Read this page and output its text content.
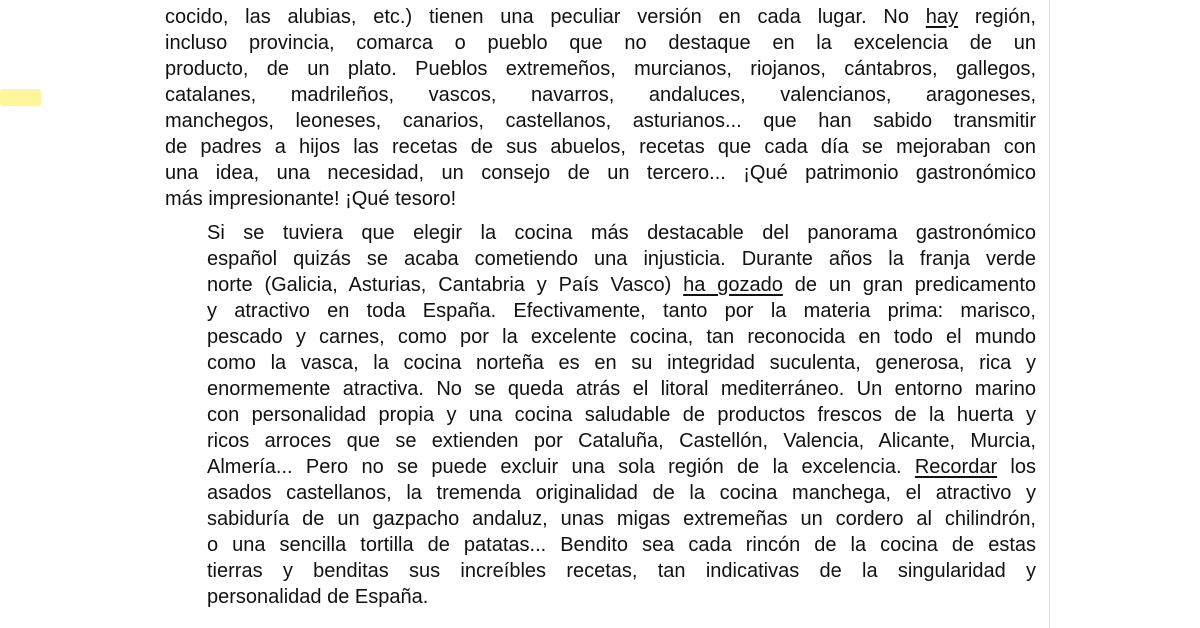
cocido, las alubias, etc.) tienen una peculiar versión en cada lugar. No hay región,
incluso provincia, comarca o pueblo que no destaque en la excelencia de un
producto, de un plato. Pueblos extremeños, murcianos, riojanos, cántabros, gallegos,
catalanes, madrileños, vascos, navarros, andaluces, valencianos, aragoneses,
manchegos, leoneses, canarios, castellanos, asturianos... que han sabido transmitir
de padres a hijos las recetas de sus abuelos, recetas que cada día se mejoraban con
una idea, una necesidad, un consejo de un tercero... ¡Qué patrimonio gastronómico
más impresionante! ¡Qué tesoro!

Si se tuviera que elegir la cocina más destacable del panorama gastronómico
español quizás se acaba cometiendo una injusticia. Durante años la franja verde
norte (Galicia, Asturias, Cantabria y País Vasco) ha gozado de un gran predicamento
y atractivo en toda España. Efectivamente, tanto por la materia prima: marisco,
pescado y carnes, como por la excelente cocina, tan reconocida en todo el mundo
como la vasca, la cocina norteña es en su integridad suculenta, generosa, rica y
enormemente atractiva. No se queda atrás el litoral mediterráneo. Un entorno marino
con personalidad propia y una cocina saludable de productos frescos de la huerta y
ricos arroces que se extienden por Cataluña, Castellón, Valencia, Alicante, Murcia,
Almería... Pero no se puede excluir una sola región de la excelencia. Recordar los
asados castellanos, la tremenda originalidad de la cocina manchega, el atractivo y
sabiduría de un gazpacho andaluz, unas migas extremeñas un cordero al chilindrón,
o una sencilla tortilla de patatas... Bendito sea cada rincón de la cocina de estas
tierras y benditas sus increíbles recetas, tan indicativas de la singularidad y
personalidad de España.
